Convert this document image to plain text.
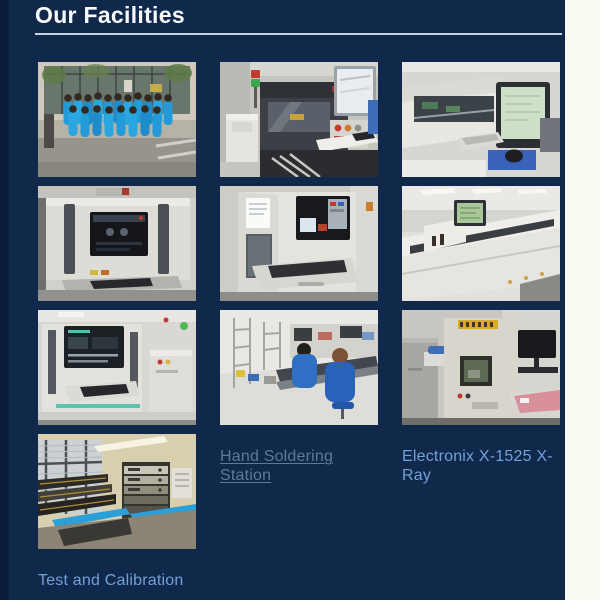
Our Facilities
Test and Calibration
Hand Soldering Station
Electronix X-1525 X-Ray
